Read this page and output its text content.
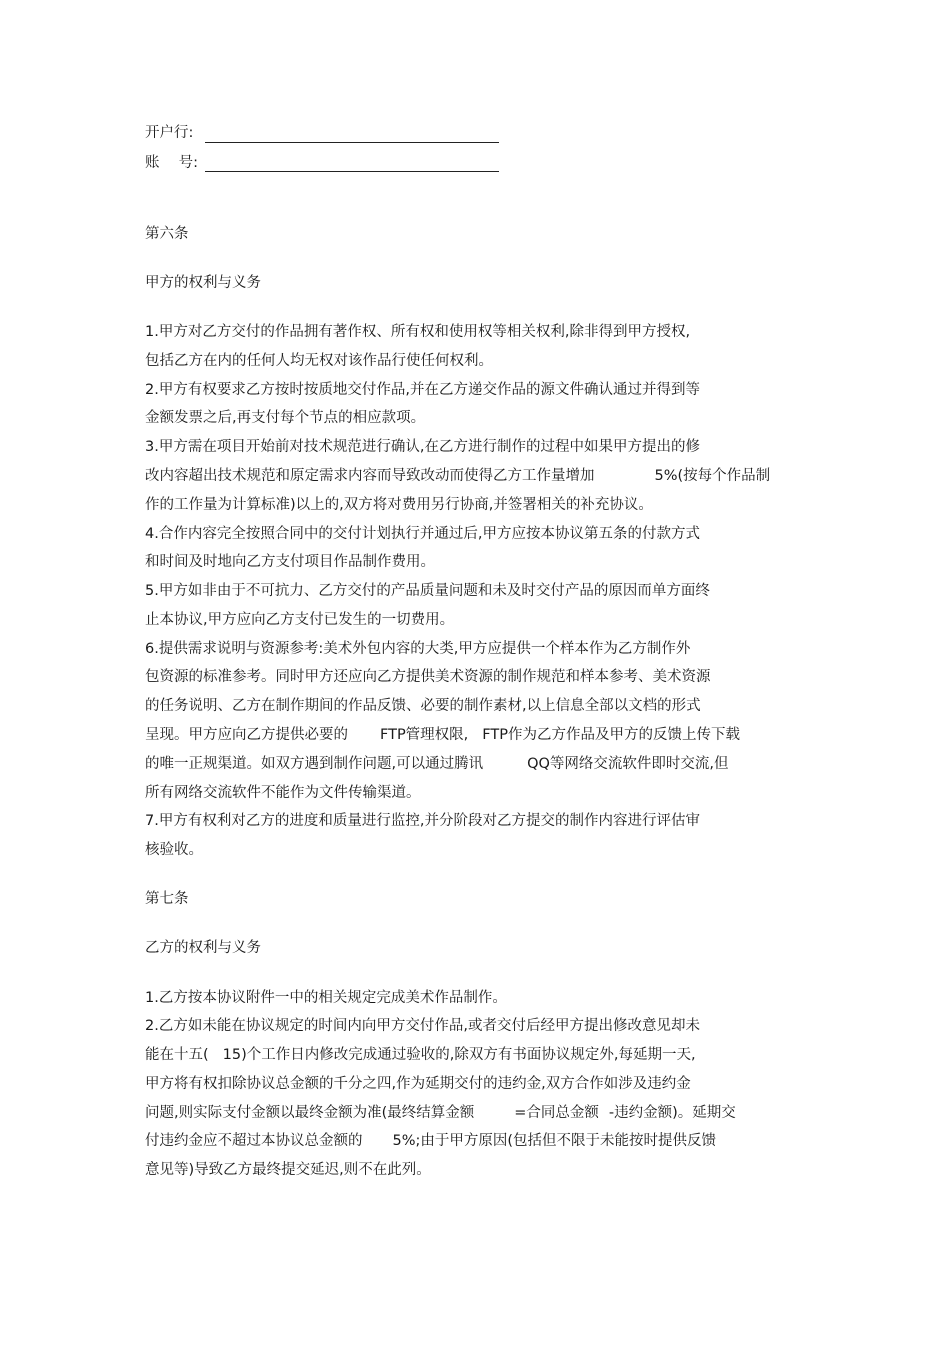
开户行:
账　 号:
第六条
甲方的权利与义务
1.甲方对乙方交付的作品拥有著作权、所有权和使用权等相关权利,除非得到甲方授权,
包括乙方在内的任何人均无权对该作品行使任何权利。
2.甲方有权要求乙方按时按质地交付作品,并在乙方递交作品的源文件确认通过并得到等
金额发票之后,再支付每个节点的相应款项。
3.甲方需在项目开始前对技术规范进行确认,在乙方进行制作的过程中如果甲方提出的修
改内容超出技术规范和原定需求内容而导致改动而使得乙方工作量增加	5%(按每个作品制
作的工作量为计算标准)以上的,双方将对费用另行协商,并签署相关的补充协议。
4.合作内容完全按照合同中的交付计划执行并通过后,甲方应按本协议第五条的付款方式
和时间及时地向乙方支付项目作品制作费用。
5.甲方如非由于不可抗力、乙方交付的产品质量问题和未及时交付产品的原因而单方面终
止本协议,甲方应向乙方支付已发生的一切费用。
6.提供需求说明与资源参考:美术外包内容的大类,甲方应提供一个样本作为乙方制作外
包资源的标准参考。同时甲方还应向乙方提供美术资源的制作规范和样本参考、美术资源
的任务说明、乙方在制作期间的作品反馈、必要的制作素材,以上信息全部以文档的形式
呈现。甲方应向乙方提供必要的 FTP管理权限, FTP作为乙方作品及甲方的反馈上传下载
的唯一正规渠道。如双方遇到制作问题,可以通过腾讯	QQ等网络交流软件即时交流,但
所有网络交流软件不能作为文件传输渠道。
7.甲方有权利对乙方的进度和质量进行监控,并分阶段对乙方提交的制作内容进行评估审
核验收。
第七条
乙方的权利与义务
1.乙方按本协议附件一中的相关规定完成美术作品制作。
2.乙方如未能在协议规定的时间内向甲方交付作品,或者交付后经甲方提出修改意见却未
能在十五( 15)个工作日内修改完成通过验收的,除双方有书面协议规定外,每延期一天,
甲方将有权扣除协议总金额的千分之四,作为延期交付的违约金,双方合作如涉及违约金
问题,则实际支付金额以最终金额为准(最终结算金额	=合同总金额 -违约金额)。延期交
付违约金应不超过本协议总金额的 5%;由于甲方原因(包括但不限于未能按时提供反馈
意见等)导致乙方最终提交延迟,则不在此列。
